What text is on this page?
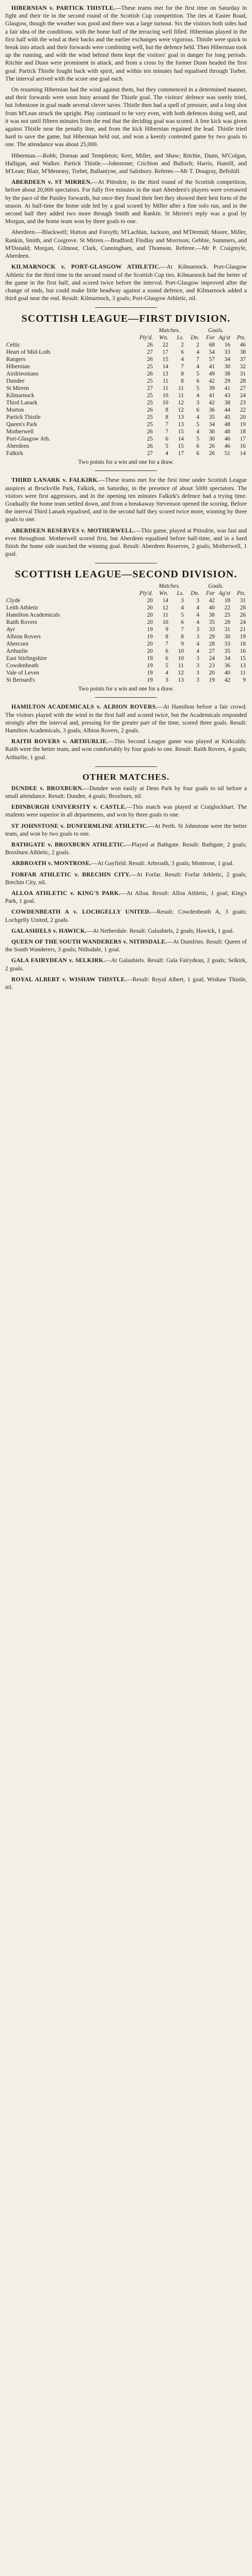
HIBERNIAN v. PARTICK THISTLE.—These teams met for the first time on Saturday in fight and their tie in the second round of the Scottish Cup competition. The ties at Easter Road, Glasgow, though the weather was good and there was a large turnout. Six the visitors both sides had a fair idea of the conditions. with the home half of the terracing well filled. Hibernian played in the first half with the wind at their backs and the earlier exchanges were vigorous. Thistle were quick to break into attack and their forwards were combining well, but the defence held. Then Hibernian took up the running, and with the wind behind them kept the visitors' goal in danger for long periods. Ritchie and Dunn were prominent in attack, and from a cross by the former Dunn headed the first goal. Partick Thistle fought back with spirit, and within ten minutes had equalised through Torbet. The interval arrived with the score one goal each.

On resuming Hibernian had the wind against them, but they commenced in a determined manner, and their forwards were soon busy around the Thistle goal. The visitors' defence was sorely tried, but Johnstone in goal made several clever saves. Thistle then had a spell of pressure, and a long shot from M'Lean struck the upright. Play continued to be very even, with both defences doing well, and it was not until fifteen minutes from the end that the deciding goal was scored. A free kick was given against Thistle near the penalty line, and from the kick Hibernian regained the lead. Thistle tried hard to save the game, but Hibernian held out, and won a keenly contested game by two goals to one. The attendance was about 25,000.

Hibernian.—Robb; Dornan and Templeton; Kerr, Miller, and Shaw; Ritchie, Dunn, M'Colgan, Halligan, and Walker. Partick Thistle.—Johnstone; Crichton and Bulloch; Harris, Hamill, and M'Lean; Blair, M'Menemy, Torbet, Ballantyne, and Salisbury. Referee.—Mr T. Dougray, Bellshill.

ABERDEEN v. ST MIRREN.—At Pittodrie, in the third round of the Scottish competition, before about 20,000 spectators. For fully five minutes in the start Aberdeen's players were overawed by the pace of the Paisley forwards, but once they found their feet they showed their best form of the season. At half-time the home side led by a goal scored by Miller after a fine solo run, and in the second half they added two more through Smith and Rankin. St Mirren's reply was a goal by Morgan, and the home team won by three goals to one.

Aberdeen.—Blackwell; Hutton and Forsyth; M'Lachlan, Jackson, and M'Dermid; Moore, Miller, Rankin, Smith, and Cosgrove. St Mirren.—Bradford; Findlay and Morrison; Gebbie, Summers, and M'Donald; Morgan, Gilmour, Clark, Cunningham, and Thomson. Referee.—Mr P. Craigmyle, Aberdeen.

KILMARNOCK v. PORT-GLASGOW ATHLETIC.—At Kilmarnock. Port-Glasgow Athletic for the third time in the second round of the Scottish Cup ties. Kilmarnock had the better of the game in the first half, and scored twice before the interval. Port-Glasgow improved after the change of ends, but could make little headway against a sound defence, and Kilmarnock added a third goal near the end. Result: Kilmarnock, 3 goals; Port-Glasgow Athletic, nil.

SCOTTISH LEAGUE—FIRST DIVISION.
	Matches.				Goals.		
	Ply'd.	Wn.	Ls.	Dn.	For	Ag'st	Pts.
Celtic	26	22	2	2	68	16	46
Heart of Mid-Loth.	27	17	6	4	54	33	38
Rangers	26	15	4	7	57	34	37
Hibernian	25	14	7	4	41	30	32
Airdrieonians	26	13	8	5	49	38	31
Dundee	25	11	8	6	42	29	28
St Mirren	27	11	11	5	39	41	27
Kilmarnock	25	10	11	4	41	43	24
Third Lanark	25	10	12	3	42	38	23
Morton	26	8	12	6	36	44	22
Partick Thistle	25	8	13	4	35	45	20
Queen's Park	25	7	13	5	34	48	19
Motherwell	26	7	15	4	30	48	18
Port-Glasgow Ath.	25	6	14	5	30	46	17
Aberdeen	26	5	15	6	26	46	16
Falkirk	27	4	17	6	26	51	14
Two points for a win and one for a draw.

THIRD LANARK v. FALKIRK.—These teams met for the first time under Scottish League auspices at Brockville Park, Falkirk, on Saturday, in the presence of about 5000 spectators. The visitors were first aggressors, and in the opening ten minutes Falkirk's defence had a trying time. Gradually the home team settled down, and from a breakaway Stevenson opened the scoring. Before the interval Third Lanark equalised, and in the second half they scored twice more, winning by three goals to one.

ABERDEEN RESERVES v. MOTHERWELL.—This game, played at Pittodrie, was fast and even throughout. Motherwell scored first, but Aberdeen equalised before half-time, and in a hard finish the home side snatched the winning goal. Result: Aberdeen Reserves, 2 goals; Motherwell, 1 goal.

SCOTTISH LEAGUE—SECOND DIVISION.
	Matches.				Goals.		
	Ply'd.	Wn.	Ls.	Dn.	For	Ag'st	Pts.
Clyde	20	14	3	3	42	18	31
Leith Athletic	20	12	4	4	40	22	28
Hamilton Academicals	20	11	5	4	38	25	26
Raith Rovers	20	10	6	4	35	28	24
Ayr	19	9	7	3	33	31	21
Albion Rovers	19	8	8	3	29	30	19
Abercorn	20	7	9	4	28	33	18
Arthurlie	20	6	10	4	27	35	16
East Stirlingshire	19	6	10	3	24	34	15
Cowdenbeath	19	5	11	3	23	36	13
Vale of Leven	19	4	12	3	20	40	11
St Bernard's	19	3	13	3	19	42	9
Two points for a win and one for a draw.

HAMILTON ACADEMICALS v. ALBION ROVERS.—At Hamilton before a fair crowd. The visitors played with the wind in the first half and scored twice, but the Academicals responded strongly after the interval and, pressing for the greater part of the time, scored three goals. Result: Hamilton Academicals, 3 goals; Albion Rovers, 2 goals.

RAITH ROVERS v. ARTHURLIE.—This Second League game was played at Kirkcaldy. Raith were the better team, and won comfortably by four goals to one. Result: Raith Rovers, 4 goals; Arthurlie, 1 goal.

OTHER MATCHES.

DUNDEE v. BROXBURN.—Dundee won easily at Dens Park by four goals to nil before a small attendance. Result: Dundee, 4 goals; Broxburn, nil.

EDINBURGH UNIVERSITY v. CASTLE.—This match was played at Craiglockhart. The students were superior in all departments, and won by three goals to one.

ST JOHNSTONE v. DUNFERMLINE ATHLETIC.—At Perth. St Johnstone were the better team, and won by two goals to one.

BATHGATE v. BROXBURN ATHLETIC.—Played at Bathgate. Result: Bathgate, 2 goals; Broxburn Athletic, 2 goals.

ARBROATH v. MONTROSE.—At Gayfield. Result: Arbroath, 3 goals; Montrose, 1 goal.

FORFAR ATHLETIC v. BRECHIN CITY.—At Forfar. Result: Forfar Athletic, 2 goals; Brechin City, nil.

ALLOA ATHLETIC v. KING'S PARK.—At Alloa. Result: Alloa Athletic, 1 goal; King's Park, 1 goal.

COWDENBEATH A v. LOCHGELLY UNITED.—Result: Cowdenbeath A, 3 goals; Lochgelly United, 2 goals.

GALASHIELS v. HAWICK.—At Netherdale. Result: Galashiels, 2 goals; Hawick, 1 goal.

QUEEN OF THE SOUTH WANDERERS v. NITHSDALE.—At Dumfries. Result: Queen of the South Wanderers, 3 goals; Nithsdale, 1 goal.

GALA FAIRYDEAN v. SELKIRK.—At Galashiels. Result: Gala Fairydean, 2 goals; Selkirk, 2 goals.

ROYAL ALBERT v. WISHAW THISTLE.—Result: Royal Albert, 1 goal; Wishaw Thistle, nil.
